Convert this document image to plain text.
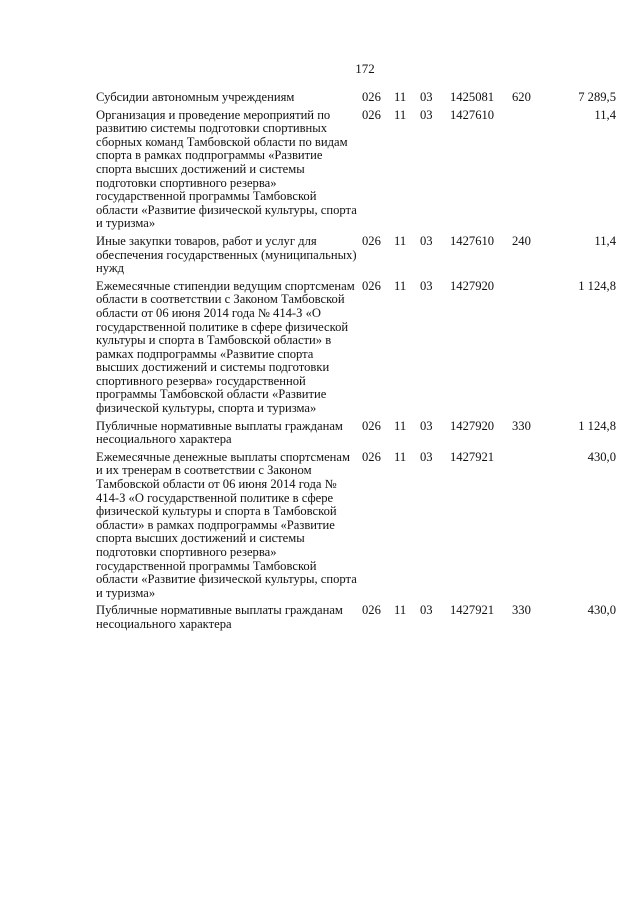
172
Субсидии автономным учреждениям	026	11	03	1425081	620	7 289,5
Организация и проведение мероприятий по развитию системы подготовки спортивных сборных команд Тамбовской области по видам спорта в рамках подпрограммы «Развитие спорта высших достижений и системы подготовки спортивного резерва» государственной программы Тамбовской области «Развитие физической культуры, спорта и туризма»	026	11	03	1427610		11,4
Иные закупки товаров, работ и услуг для обеспечения государственных (муниципальных) нужд	026	11	03	1427610	240	11,4
Ежемесячные стипендии ведущим спортсменам области в соответствии с Законом Тамбовской области от 06 июня 2014 года № 414-З «О государственной политике в сфере физической культуры и спорта в Тамбовской области» в рамках подпрограммы «Развитие спорта высших достижений и системы подготовки спортивного резерва» государственной программы Тамбовской области «Развитие физической культуры, спорта и туризма»	026	11	03	1427920		1 124,8
Публичные нормативные выплаты гражданам несоциального характера	026	11	03	1427920	330	1 124,8
Ежемесячные денежные выплаты спортсменам и их тренерам в соответствии с Законом Тамбовской области от 06 июня 2014 года № 414-З «О государственной политике в сфере физической культуры и спорта в Тамбовской области» в рамках подпрограммы «Развитие спорта высших достижений и системы подготовки спортивного резерва» государственной программы Тамбовской области «Развитие физической культуры, спорта и туризма»	026	11	03	1427921		430,0
Публичные нормативные выплаты гражданам несоциального характера	026	11	03	1427921	330	430,0
